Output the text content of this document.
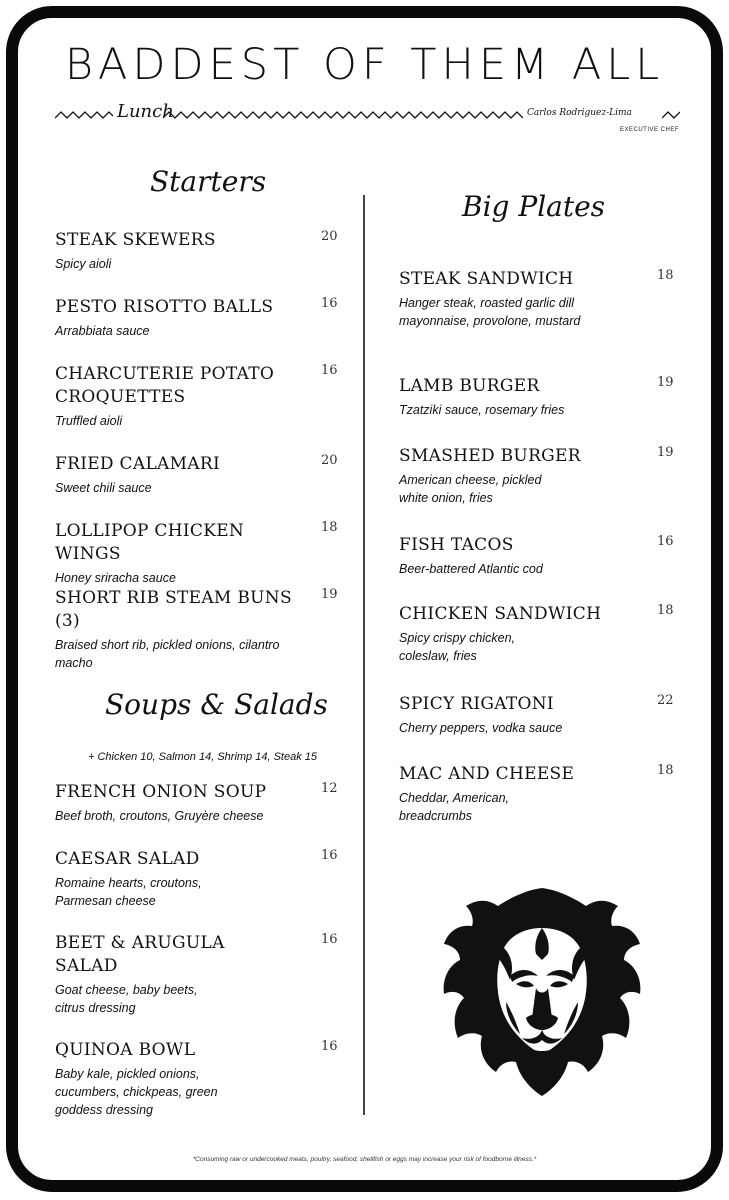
BADDEST OF THEM ALL
Lunch	Carlos Rodriguez-Lima
EXECUTIVE CHEF
Starters
STEAK SKEWERS
Spicy aioli
20
PESTO RISOTTO BALLS
Arrabbiata sauce
16
CHARCUTERIE POTATO CROQUETTES
Truffled aioli
16
FRIED CALAMARI
Sweet chili sauce
20
LOLLIPOP CHICKEN WINGS
Honey sriracha sauce
18
SHORT RIB STEAM BUNS (3)
Braised short rib, pickled onions, cilantro macho
19
Soups & Salads
+ Chicken 10, Salmon 14, Shrimp 14, Steak 15
FRENCH ONION SOUP
Beef broth, croutons, Gruyère cheese
12
CAESAR SALAD
Romaine hearts, croutons, Parmesan cheese
16
BEET & ARUGULA SALAD
Goat cheese, baby beets, citrus dressing
16
QUINOA BOWL
Baby kale, pickled onions, cucumbers, chickpeas, green goddess dressing
16
Big Plates
STEAK SANDWICH
Hanger steak, roasted garlic dill mayonnaise, provolone, mustard
18
LAMB BURGER
Tzatziki sauce, rosemary fries
19
SMASHED BURGER
American cheese, pickled white onion, fries
19
FISH TACOS
Beer-battered Atlantic cod
16
CHICKEN SANDWICH
Spicy crispy chicken, coleslaw, fries
18
SPICY RIGATONI
Cherry peppers, vodka sauce
22
MAC AND CHEESE
Cheddar, American, breadcrumbs
18
*Consuming raw or undercooked meats, poultry, seafood, shellfish or eggs may increase your risk of foodborne illness.*
